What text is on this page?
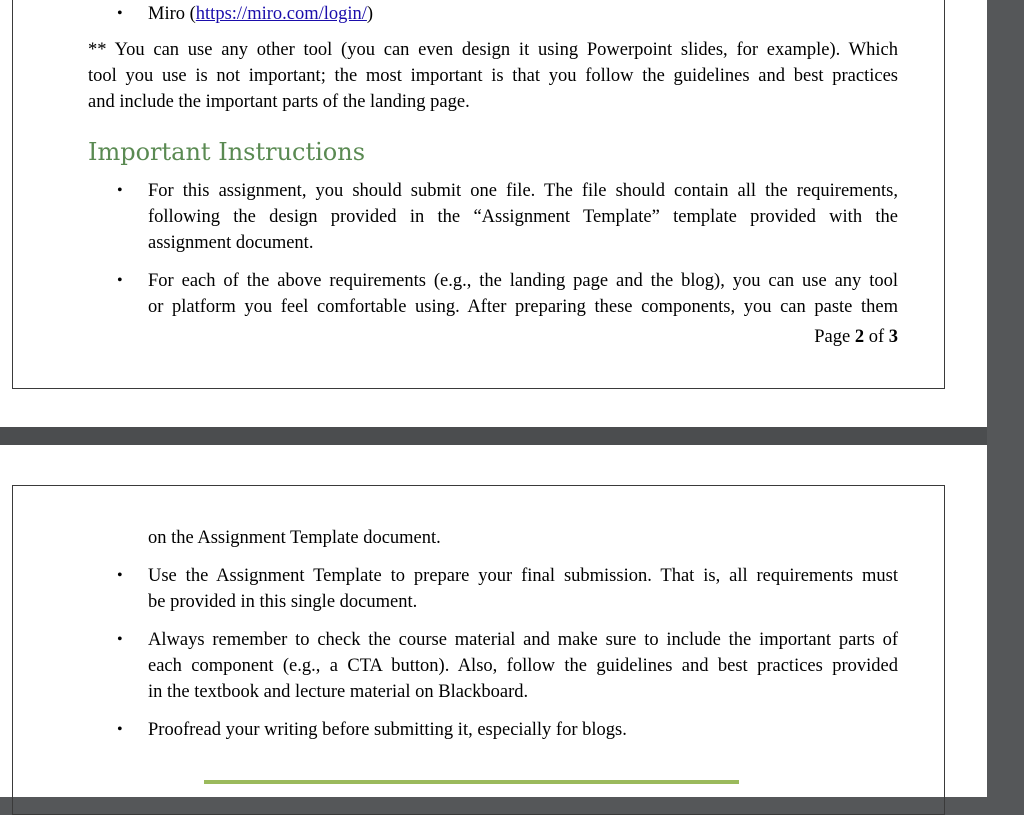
• Miro (https://miro.com/login/)

** You can use any other tool (you can even design it using Powerpoint slides, for example). Which

tool you use is not important; the most important is that you follow the guidelines and best practices

and include the important parts of the landing page.

Important Instructions
• For this assignment, you should submit one file. The file should contain all the requirements,

following the design provided in the “Assignment Template” template provided with the

assignment document.

• For each of the above requirements (e.g., the landing page and the blog), you can use any tool

or platform you feel comfortable using. After preparing these components, you can paste them

Page 2 of 3

on the Assignment Template document.

• Use the Assignment Template to prepare your final submission. That is, all requirements must

be provided in this single document.

• Always remember to check the course material and make sure to include the important parts of

each component (e.g., a CTA button). Also, follow the guidelines and best practices provided

in the textbook and lecture material on Blackboard.

• Proofread your writing before submitting it, especially for blogs.
